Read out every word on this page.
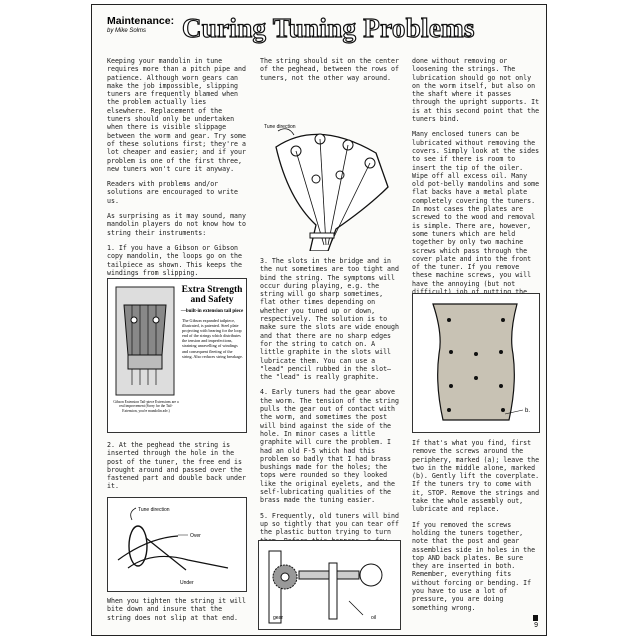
Maintenance:
by Mike Solms	Curing Tuning Problems

Keeping your mandolin in tune requires more than a pitch pipe and patience. Although worn gears can make the job impossible, slipping tuners are frequently blamed when the problem actually lies elsewhere. Replacement of the tuners should only be undertaken when there is visible slippage between the worm and gear. Try some of these solutions first; they're a lot cheaper and easier; and if your problem is one of the first three, new tuners won't cure it anyway.

Readers with problems and/or solutions are encouraged to write us.

As surprising as it may sound, many mandolin players do not know how to string their instruments:

1. If you have a Gibson or Gibson copy mandolin, the loops go on the tailpiece as shown. This keeps the windings from slipping.

Extra Strength and Safety
—built-in extension tail piece
The Gibson expanded tailpiece, illustrated, is patented. Steel plate projecting with bearing for the loop end of the strings which distributes the tension and imperfections, straining unravelling of windings and consequent fleeting of the string. Also reduces string breakage.
Gibson Extension Tail-piece Extensions are a real improvement (Sorry for the Tail-Extension, you're mandolin adv.)

2. At the peghead the string is inserted through the hole in the post of the tuner, the free end is brought around and passed over the fastened part and double back under it.

Tune direction
Over
Under

When you tighten the string it will bite down and insure that the string does not slip at that end.

The string should sit on the center of the peghead, between the rows of tuners, not the other way around.

Tune direction

3. The slots in the bridge and in the nut sometimes are too tight and bind the string. The symptoms will occur during playing, e.g. the string will go sharp sometimes, flat other times depending on whether you tuned up or down, respectively. The solution is to make sure the slots are wide enough and that there are no sharp edges for the string to catch on. A little graphite in the slots will lubricate them. You can use a "lead" pencil rubbed in the slot—the "lead" is really graphite.

4. Early tuners had the gear above the worm. The tension of the string pulls the gear out of contact with the worm, and sometimes the post will bind against the side of the hole. In minor cases a little graphite will cure the problem. I had an old F-5 which had this problem so badly that I had brass bushings made for the holes; the tops were rounded so they looked like the original eyelets, and the self-lubricating qualities of the brass made the tuning easier.

5. Frequently, old tuners will bind up so tightly that you can tear off the plastic button trying to turn

oil
gear

done without removing or loosening the strings. The lubrication should go not only on the worm itself, but also on the shaft where it passes through the upright supports. It is at this second point that the tuners bind.

Many enclosed tuners can be lubricated without removing the covers. Simply look at the sides to see if there is room to insert the tip of the oiler. Wipe off all excess oil. Many old pot-belly mandolins and some flat backs have a metal plate completely covering the tuners. In most cases the plates are screwed to the wood and removal is simple. There are, however, some tuners which are held together by only two machine screws which pass through the cover plate and into the front of the tuner. If you remove these machine screws, you will have the annoying (but not

b.

If that's what you find, first remove the screws around the periphery, marked (a); leave the two in the middle alone, marked (b). Gently lift the coverplate. If the tuners try to come with it, STOP. Remove the strings and take the whole assembly out, lubricate and replace.

If you removed the screws holding the tuners together, note that the post and gear assemblies side in holes in the top AND back plates. Be sure they are inserted in both. Remember, everything fits without forcing or bending. If you have to use a lot of pressure, you are doing something wrong.

9
